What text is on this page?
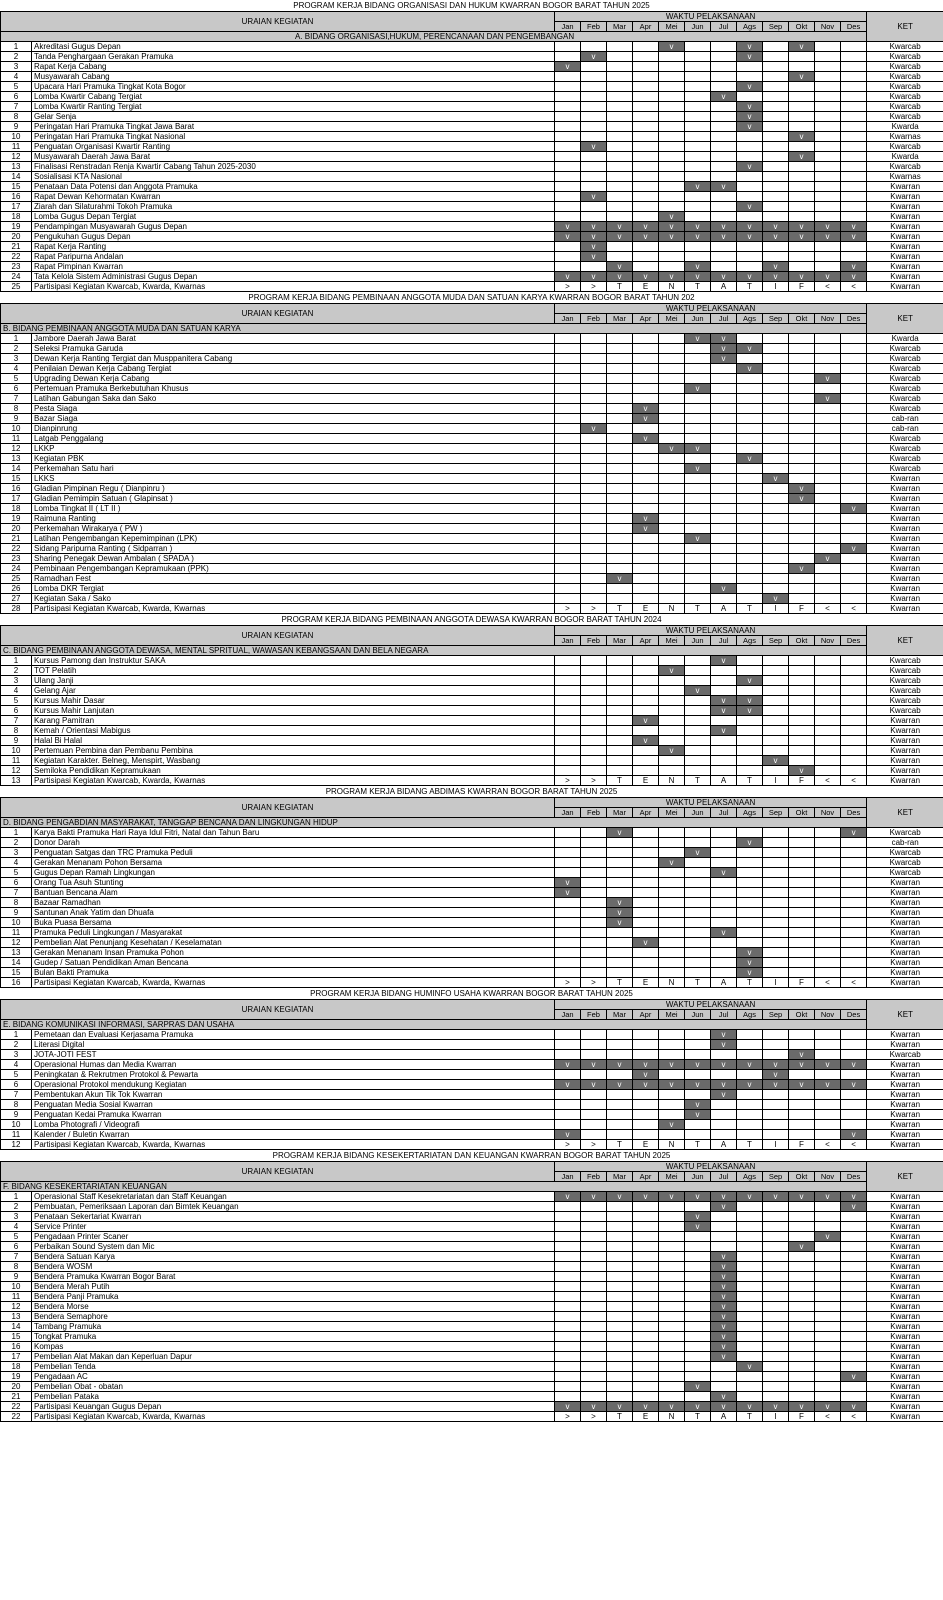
PROGRAM KERJA BIDANG ORGANISASI DAN HUKUM KWARRAN BOGOR BARAT TAHUN 2025
URAIAN KEGIATAN		WAKTU PELAKSANAAN												KET
		Jan	Feb	Mar	Apr	Mei	Jun	Jul	Ags	Sep	Okt	Nov	Des	
A. BIDANG ORGANISASI,HUKUM, PERENCANAAN DAN PENGEMBANGAN														
1	Akreditasi Gugus Depan					v			v		v			Kwarcab
2	Tanda Penghargaan Gerakan Pramuka		v						v					Kwarcab
3	Rapat Kerja Cabang	v												Kwarcab
4	Musyawarah Cabang										v			Kwarcab
5	Upacara Hari Pramuka Tingkat Kota Bogor								v					Kwarcab
6	Lomba Kwartir Cabang Tergiat							v						Kwarcab
7	Lomba Kwartir Ranting Tergiat								v					Kwarcab
8	Gelar Senja								v					Kwarcab
9	Peringatan Hari Pramuka Tingkat Jawa Barat								v					Kwarda
10	Peringatan Hari Pramuka Tingkat Nasional										v			Kwarnas
11	Penguatan Organisasi Kwartir Ranting		v											Kwarcab
12	Musyawarah Daerah Jawa Barat										v			Kwarda
13	Finalisasi Renstradan Renja Kwartir Cabang Tahun 2025-2030								v					Kwarcab
14	Sosialisasi KTA Nasional													Kwarnas
15	Penataan Data Potensi dan Anggota Pramuka						v	v						Kwarran
16	Rapat Dewan Kehormatan Kwarran		v											Kwarran
17	Ziarah dan Silaturahmi Tokoh Pramuka								v					Kwarran
18	Lomba Gugus Depan Tergiat					v								Kwarran
19	Pendampingan Musyawarah Gugus Depan	v	v	v	v	v	v	v	v	v	v	v	v	Kwarran
20	Pengukuhan Gugus Depan	v	v	v	v	v	v	v	v	v	v	v	v	Kwarran
21	Rapat Kerja Ranting		v											Kwarran
22	Rapat Paripurna Andalan		v											Kwarran
23	Rapat Pimpinan Kwarran			v			v			v			v	Kwarran
24	Tata Kelola Sistem Administrasi Gugus Depan	v	v	v	v	v	v	v	v	v	v	v	v	Kwarran
25	Partisipasi Kegiatan Kwarcab, Kwarda, Kwarnas	>	>	T	E	N	T	A	T	I	F	<	<	Kwarran
PROGRAM KERJA BIDANG PEMBINAAN ANGGOTA MUDA DAN SATUAN KARYA KWARRAN BOGOR BARAT TAHUN 202
URAIAN KEGIATAN		WAKTU PELAKSANAAN												KET
		Jan	Feb	Mar	Apr	Mei	Jun	Jul	Ags	Sep	Okt	Nov	Des	
B. BIDANG PEMBINAAN ANGGOTA MUDA DAN SATUAN KARYA														
1	Jambore Daerah Jawa Barat						v	v						Kwarda
2	Seleksi Pramuka Garuda							v	v					Kwarcab
3	Dewan Kerja Ranting Tergiat dan Musppanitera Cabang							v						Kwarcab
4	Penilaian Dewan Kerja Cabang Tergiat								v					Kwarcab
5	Upgrading Dewan Kerja Cabang											v		Kwarcab
6	Pertemuan Pramuka Berkebutuhan Khusus						v							Kwarcab
7	Latihan Gabungan Saka dan Sako											v		Kwarcab
8	Pesta Siaga				v									Kwarcab
9	Bazar Siaga				v									cab-ran
10	Dianpinrung		v											cab-ran
11	Latgab Penggalang				v									Kwarcab
12	LKKP					v	v							Kwarcab
13	Kegiatan PBK								v					Kwarcab
14	Perkemahan Satu hari						v							Kwarcab
15	LKKS									v				Kwarran
16	Gladian Pimpinan Regu ( Dianpinru )										v			Kwarran
17	Gladian Pemimpin Satuan ( Glapinsat )										v			Kwarran
18	Lomba Tingkat II ( LT II )												v	Kwarran
19	Raimuna Ranting				v									Kwarran
20	Perkemahan Wirakarya ( PW )				v									Kwarran
21	Latihan Pengembangan Kepemimpinan (LPK)						v							Kwarran
22	Sidang Paripurna Ranting ( Sidparran )												v	Kwarran
23	Sharing Penegak Dewan Ambalan ( SPADA )											v		Kwarran
24	Pembinaan Pengembangan Kepramukaan (PPK)										v			Kwarran
25	Ramadhan Fest			v										Kwarran
26	Lomba DKR Tergiat							v						Kwarran
27	Kegiatan Saka / Sako									v				Kwarran
28	Partisipasi Kegiatan Kwarcab, Kwarda, Kwarnas	>	>	T	E	N	T	A	T	I	F	<	<	Kwarran
PROGRAM KERJA BIDANG PEMBINAAN ANGGOTA DEWASA KWARRAN BOGOR BARAT TAHUN 2024
URAIAN KEGIATAN		WAKTU PELAKSANAAN												KET
		Jan	Feb	Mar	Apr	Mei	Jun	Jul	Ags	Sep	Okt	Nov	Des	
C. BIDANG PEMBINAAN ANGGOTA DEWASA, MENTAL SPRITUAL, WAWASAN KEBANGSAAN DAN BELA NEGARA														
1	Kursus Pamong dan Instruktur SAKA							v						Kwarcab
2	TOT Pelatih					v								Kwarcab
3	Ulang Janji								v					Kwarcab
4	Gelang Ajar						v							Kwarcab
5	Kursus Mahir Dasar							v	v					Kwarcab
6	Kursus Mahir Lanjutan							v	v					Kwarcab
7	Karang Pamitran				v									Kwarran
8	Kemah / Orientasi Mabigus							v						Kwarran
9	Halal Bi Halal				v									Kwarran
10	Pertemuan Pembina dan Pembanu Pembina					v								Kwarran
11	Kegiatan Karakter. Belneg, Menspirt, Wasbang									v				Kwarran
12	Semiloka Pendidikan Kepramukaan										v			Kwarran
13	Partisipasi Kegiatan Kwarcab, Kwarda, Kwarnas	>	>	T	E	N	T	A	T	I	F	<	<	Kwarran
PROGRAM KERJA BIDANG ABDIMAS KWARRAN BOGOR BARAT TAHUN 2025
URAIAN KEGIATAN		WAKTU PELAKSANAAN												KET
		Jan	Feb	Mar	Apr	Mei	Jun	Jul	Ags	Sep	Okt	Nov	Des	
D. BIDANG PENGABDIAN MASYARAKAT, TANGGAP BENCANA DAN LINGKUNGAN HIDUP														
1	Karya Bakti Pramuka Hari Raya Idul Fitri, Natal dan Tahun Baru			v									v	Kwarcab
2	Donor Darah								v					cab-ran
3	Penguatan Satgas dan TRC Pramuka Peduli						v							Kwarcab
4	Gerakan Menanam Pohon Bersama					v								Kwarcab
5	Gugus Depan Ramah Lingkungan							v						Kwarcab
6	Orang Tua Asuh Stunting	v												Kwarran
7	Bantuan Bencana Alam	v												Kwarran
8	Bazaar Ramadhan			v										Kwarran
9	Santunan Anak Yatim dan Dhuafa			v										Kwarran
10	Buka Puasa Bersama			v										Kwarran
11	Pramuka Peduli Lingkungan / Masyarakat							v						Kwarran
12	Pembelian Alat Penunjang Kesehatan / Keselamatan				v									Kwarran
13	Gerakan Menanam Insan Pramuka Pohon								v					Kwarran
14	Gudep / Satuan Pendidikan Aman Bencana								v					Kwarran
15	Bulan Bakti Pramuka								v					Kwarran
16	Partisipasi Kegiatan Kwarcab, Kwarda, Kwarnas	>	>	T	E	N	T	A	T	I	F	<	<	Kwarran
PROGRAM KERJA BIDANG HUMINFO USAHA KWARRAN BOGOR BARAT TAHUN 2025
URAIAN KEGIATAN		WAKTU PELAKSANAAN												KET
		Jan	Feb	Mar	Apr	Mei	Jun	Jul	Ags	Sep	Okt	Nov	Des	
E. BIDANG KOMUNIKASI INFORMASI, SARPRAS DAN USAHA														
1	Pemetaan dan Evaluasi Kerjasama Pramuka							v						Kwarran
2	Literasi Digital							v						Kwarran
3	JOTA-JOTI FEST										v			Kwarcab
4	Operasional Humas dan Media Kwarran	v	v	v	v	v	v	v	v	v	v	v	v	Kwarran
5	Peningkatan & Rekrutmen Protokol & Pewarta				v					v				Kwarran
6	Operasional Protokol mendukung Kegiatan	v	v	v	v	v	v	v	v	v	v	v	v	Kwarran
7	Pembentukan Akun Tik Tok Kwarran							v						Kwarran
8	Penguatan Media Sosial Kwarran						v							Kwarran
9	Penguatan Kedai Pramuka Kwarran						v							Kwarran
10	Lomba Photografi / Videografi					v								Kwarran
11	Kalender / Buletin Kwarran	v											v	Kwarran
12	Partisipasi Kegiatan Kwarcab, Kwarda, Kwarnas	>	>	T	E	N	T	A	T	I	F	<	<	Kwarran
PROGRAM KERJA BIDANG KESEKERTARIATAN DAN KEUANGAN KWARRAN BOGOR BARAT TAHUN 2025
URAIAN KEGIATAN		WAKTU PELAKSANAAN												KET
		Jan	Feb	Mar	Apr	Mei	Jun	Jul	Ags	Sep	Okt	Nov	Des	
F. BIDANG KESEKERTARIATAN KEUANGAN														
1	Operasional Staff Kesekretariatan dan Staff Keuangan	v	v	v	v	v	v	v	v	v	v	v	v	Kwarran
2	Pembuatan, Pemeriksaan Laporan dan Bimtek Keuangan							v					v	Kwarran
3	Penataan Sekertariat Kwarran						v							Kwarran
4	Service Printer						v							Kwarran
5	Pengadaan Printer Scaner											v		Kwarran
6	Perbaikan Sound System dan Mic										v			Kwarran
7	Bendera Satuan Karya							v						Kwarran
8	Bendera WOSM							v						Kwarran
9	Bendera Pramuka Kwarran Bogor Barat							v						Kwarran
10	Bendera Merah Putih							v						Kwarran
11	Bendera Panji Pramuka							v						Kwarran
12	Bendera Morse							v						Kwarran
13	Bendera Semaphore							v						Kwarran
14	Tambang Pramuka							v						Kwarran
15	Tongkat Pramuka							v						Kwarran
16	Kompas							v						Kwarran
17	Pembelian Alat Makan dan Keperluan Dapur							v						Kwarran
18	Pembelian Tenda								v					Kwarran
19	Pengadaan AC												v	Kwarran
20	Pembelian Obat - obatan						v							Kwarran
21	Pembelian Pataka							v						Kwarran
22	Partisipasi Keuangan Gugus Depan	v	v	v	v	v	v	v	v	v	v	v	v	Kwarran
22	Partisipasi Kegiatan Kwarcab, Kwarda, Kwarnas	>	>	T	E	N	T	A	T	I	F	<	<	Kwarran
